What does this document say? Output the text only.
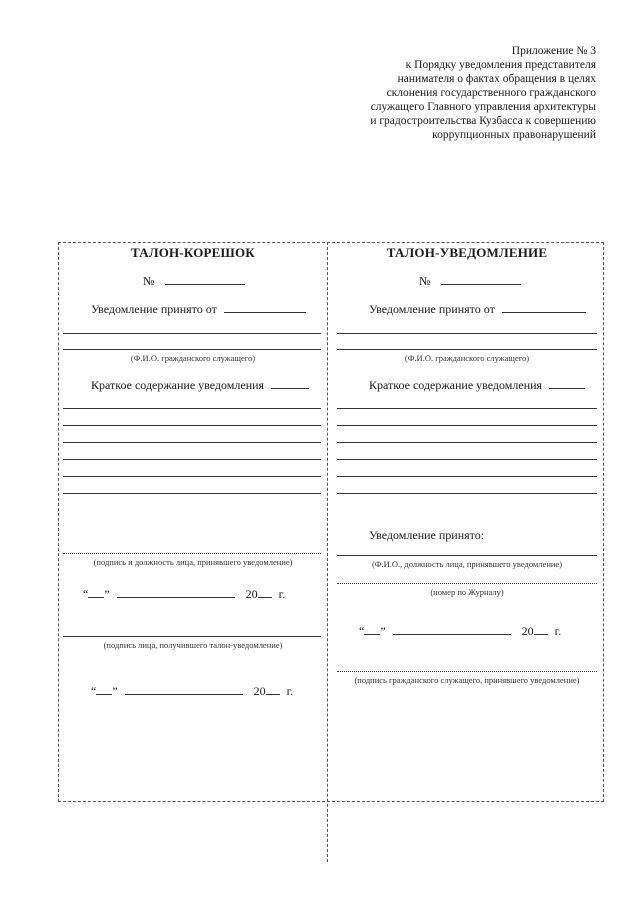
Приложение № 3
к Порядку уведомления представителя
нанимателя о фактах обращения в целях
склонения государственного гражданского
служащего Главного управления архитектуры
и градостроительства Кузбасса к совершению
коррупционных правонарушений
ТАЛОН-КОРЕШОК
№
Уведомление принято от
(Ф.И.О. гражданского служащего)
Краткое содержание уведомления
(подпись и должность лица, принявшего уведомление)
“ ”	20 г.
(подпись лица, получившего талон-уведомление)
“ ”	20 г.
ТАЛОН-УВЕДОМЛЕНИЕ
№
Уведомление принято от
(Ф.И.О. гражданского служащего)
Краткое содержание уведомления
Уведомление принято:
(Ф.И.О., должность лица, принявшего уведомление)
(номер по Журналу)
“ ”	20 г.
(подпись гражданского служащего, принявшего уведомление)
